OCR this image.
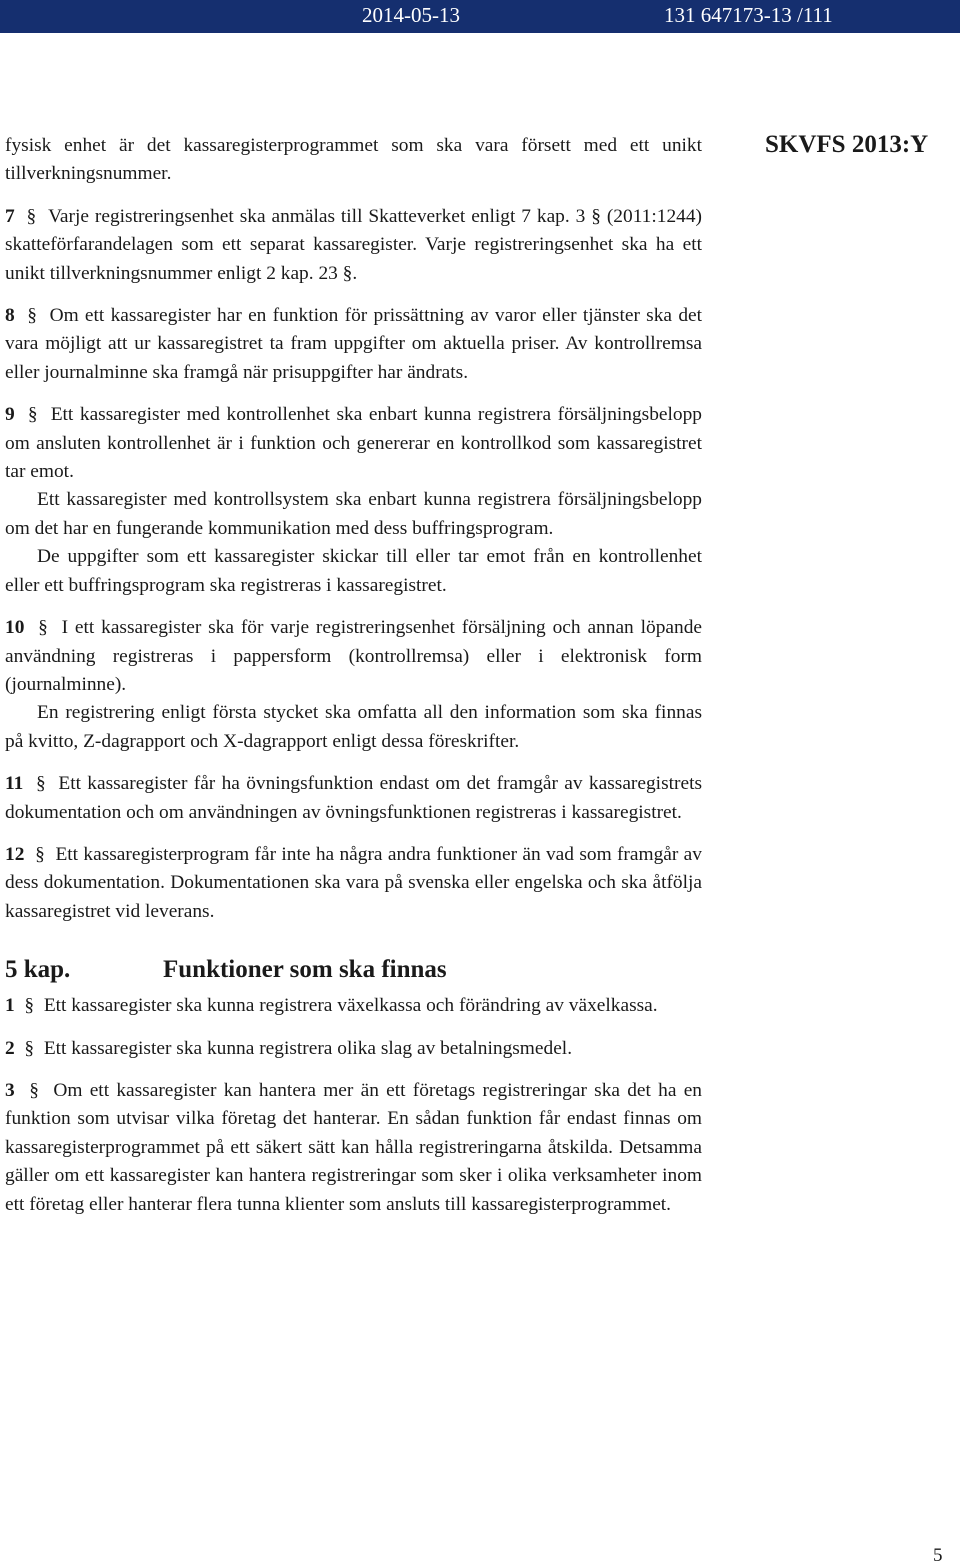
2014-05-13	131 647173-13 /111
SKVFS 2013:Y

fysisk enhet är det kassaregisterprogrammet som ska vara försett med ett unikt tillverkningsnummer.

7 § Varje registreringsenhet ska anmälas till Skatteverket enligt 7 kap. 3 § (2011:1244) skatteförfarandelagen som ett separat kassaregister. Varje registreringsenhet ska ha ett unikt tillverkningsnummer enligt 2 kap. 23 §.

8 § Om ett kassaregister har en funktion för prissättning av varor eller tjänster ska det vara möjligt att ur kassaregistret ta fram uppgifter om aktuella priser. Av kontrollremsa eller journalminne ska framgå när prisuppgifter har ändrats.

9 § Ett kassaregister med kontrollenhet ska enbart kunna registrera försäljningsbelopp om ansluten kontrollenhet är i funktion och genererar en kontrollkod som kassaregistret tar emot.

Ett kassaregister med kontrollsystem ska enbart kunna registrera försäljningsbelopp om det har en fungerande kommunikation med dess buffringsprogram.

De uppgifter som ett kassaregister skickar till eller tar emot från en kontrollenhet eller ett buffringsprogram ska registreras i kassaregistret.

10 § I ett kassaregister ska för varje registreringsenhet försäljning och annan löpande användning registreras i pappersform (kontrollremsa) eller i elektronisk form (journalminne).

En registrering enligt första stycket ska omfatta all den information som ska finnas på kvitto, Z-dagrapport och X-dagrapport enligt dessa föreskrifter.

11 § Ett kassaregister får ha övningsfunktion endast om det framgår av kassaregistrets dokumentation och om användningen av övningsfunktionen registreras i kassaregistret.

12 § Ett kassaregisterprogram får inte ha några andra funktioner än vad som framgår av dess dokumentation. Dokumentationen ska vara på svenska eller engelska och ska åtfölja kassaregistret vid leverans.

5 kap.	Funktioner som ska finnas

1 § Ett kassaregister ska kunna registrera växelkassa och förändring av växelkassa.

2 § Ett kassaregister ska kunna registrera olika slag av betalningsmedel.

3 § Om ett kassaregister kan hantera mer än ett företags registreringar ska det ha en funktion som utvisar vilka företag det hanterar. En sådan funktion får endast finnas om kassaregisterprogrammet på ett säkert sätt kan hålla registreringarna åtskilda. Detsamma gäller om ett kassaregister kan hantera registreringar som sker i olika verksamheter inom ett företag eller hanterar flera tunna klienter som ansluts till kassaregisterprogrammet.

5
